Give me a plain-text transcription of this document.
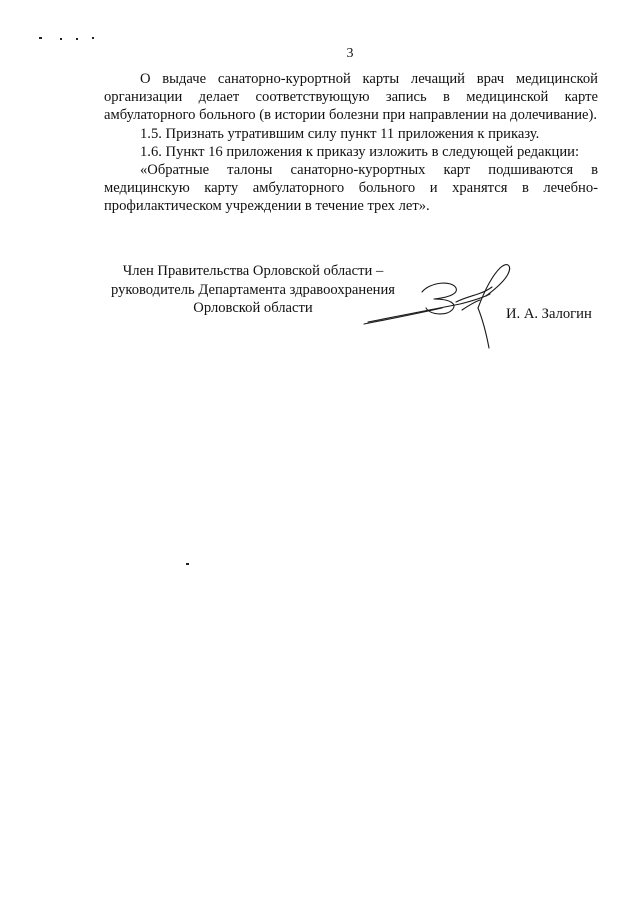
3

О выдаче санаторно-курортной карты лечащий врач медицинской организации делает соответствующую запись в медицинской карте амбулаторного больного (в истории болезни при направлении на долечивание).

1.5. Признать утратившим силу пункт 11 приложения к приказу.

1.6. Пункт 16 приложения к приказу изложить в следующей редакции:

«Обратные талоны санаторно-курортных карт подшиваются в медицинскую карту амбулаторного больного и хранятся в лечебно-профилактическом учреждении в течение трех лет».

Член Правительства Орловской области –
руководитель Департамента здравоохранения
Орловской области	И. А. Залогин
